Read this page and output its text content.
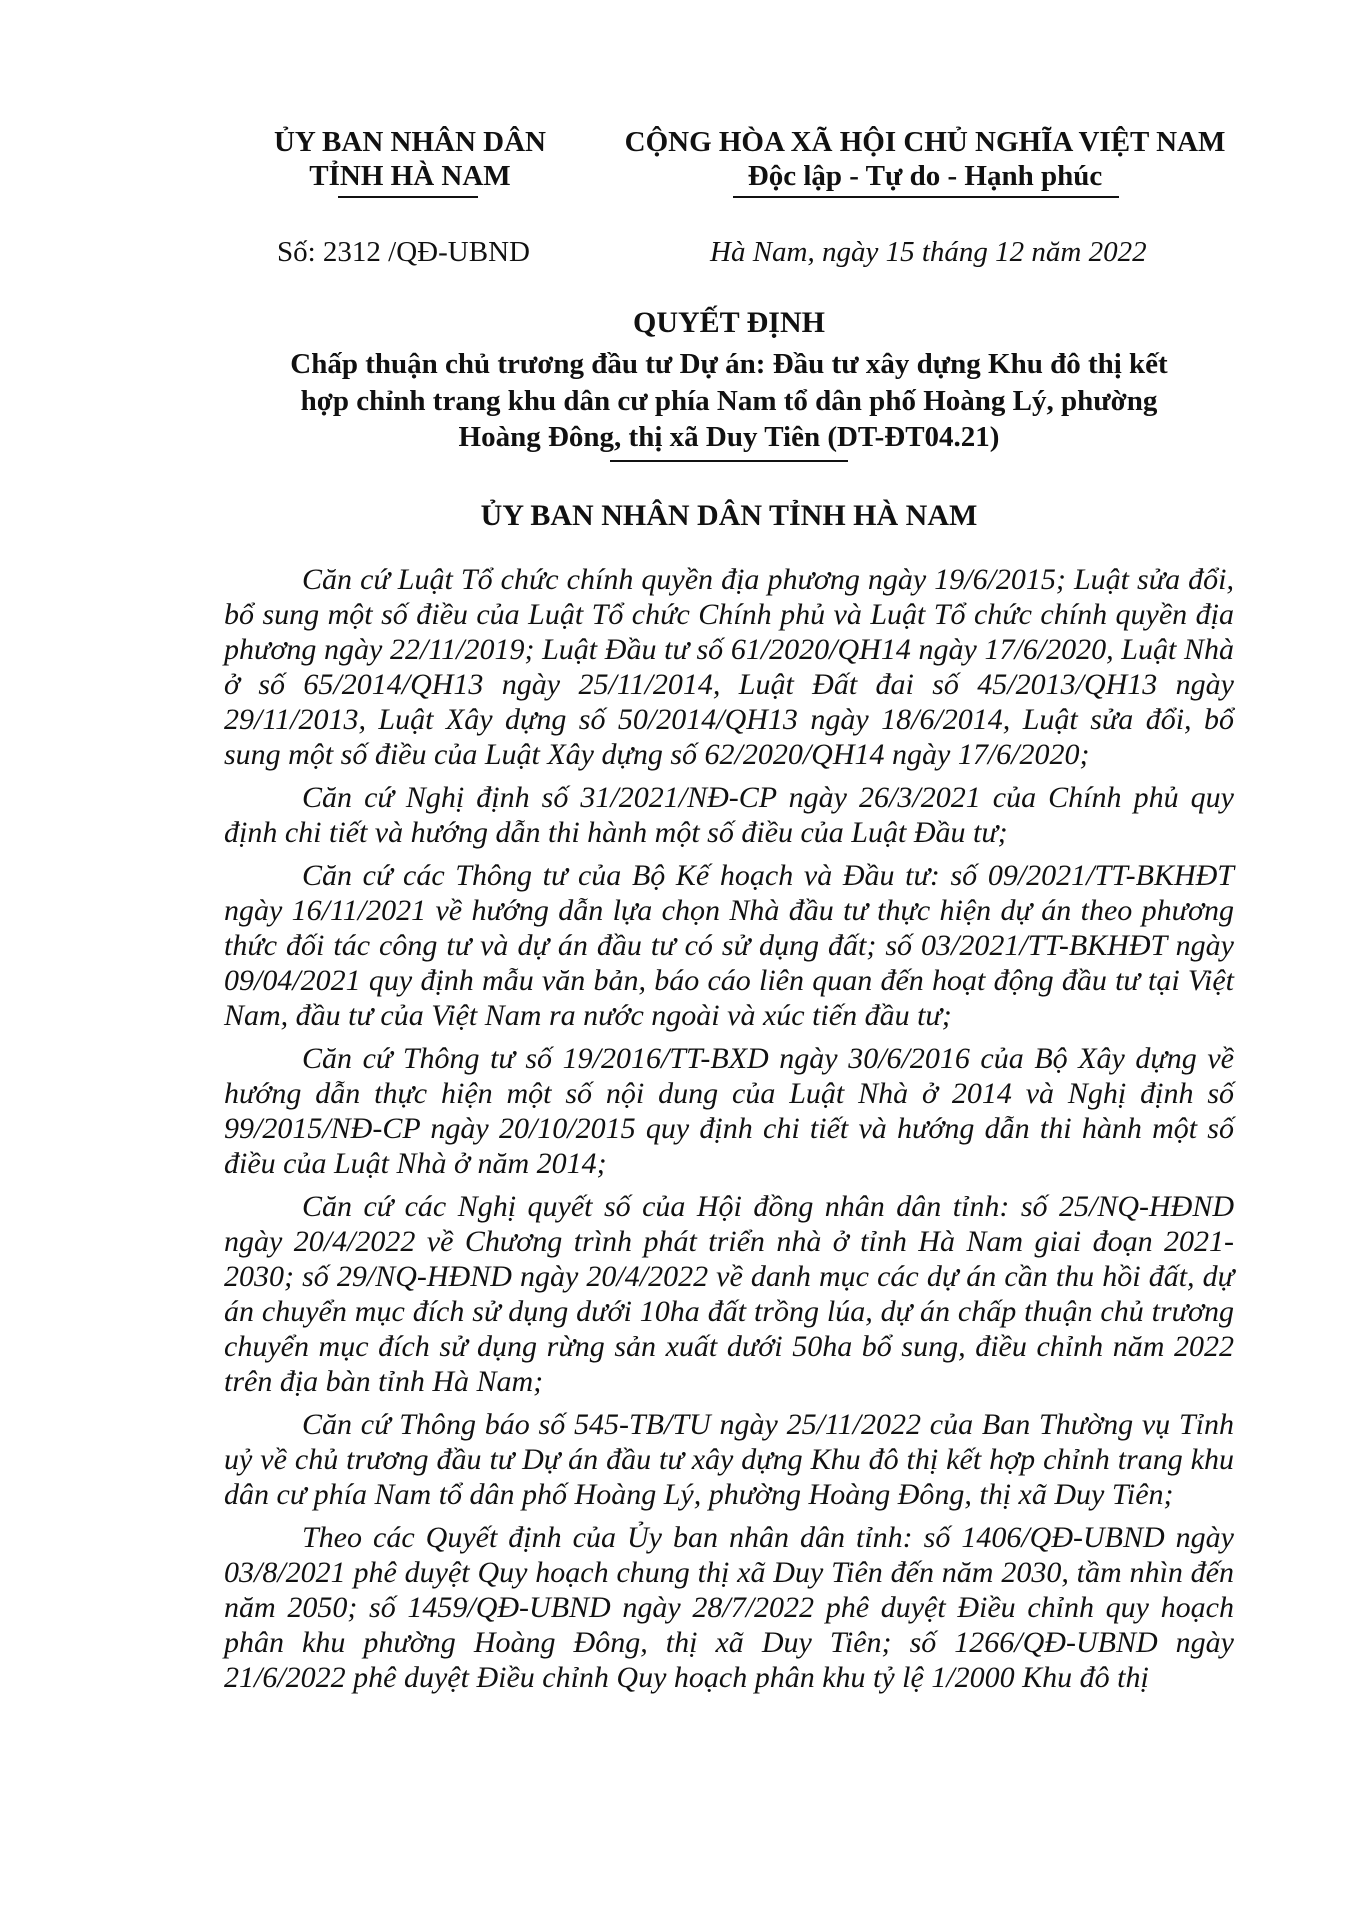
ỦY BAN NHÂN DÂN
TỈNH HÀ NAM
CỘNG HÒA XÃ HỘI CHỦ NGHĨA VIỆT NAM
Độc lập - Tự do - Hạnh phúc
Số: 2312 /QĐ-UBND	Hà Nam, ngày 15 tháng 12 năm 2022
QUYẾT ĐỊNH
Chấp thuận chủ trương đầu tư Dự án: Đầu tư xây dựng Khu đô thị kết
hợp chỉnh trang khu dân cư phía Nam tổ dân phố Hoàng Lý, phường
Hoàng Đông, thị xã Duy Tiên (DT-ĐT04.21)
ỦY BAN NHÂN DÂN TỈNH HÀ NAM

Căn cứ Luật Tổ chức chính quyền địa phương ngày 19/6/2015; Luật sửa đổi, bổ sung một số điều của Luật Tổ chức Chính phủ và Luật Tổ chức chính quyền địa phương ngày 22/11/2019; Luật Đầu tư số 61/2020/QH14 ngày 17/6/2020, Luật Nhà ở số 65/2014/QH13 ngày 25/11/2014, Luật Đất đai số 45/2013/QH13 ngày 29/11/2013, Luật Xây dựng số 50/2014/QH13 ngày 18/6/2014, Luật sửa đổi, bổ sung một số điều của Luật Xây dựng số 62/2020/QH14 ngày 17/6/2020;

Căn cứ Nghị định số 31/2021/NĐ-CP ngày 26/3/2021 của Chính phủ quy định chi tiết và hướng dẫn thi hành một số điều của Luật Đầu tư;

Căn cứ các Thông tư của Bộ Kế hoạch và Đầu tư: số 09/2021/TT-BKHĐT ngày 16/11/2021 về hướng dẫn lựa chọn Nhà đầu tư thực hiện dự án theo phương thức đối tác công tư và dự án đầu tư có sử dụng đất; số 03/2021/TT-BKHĐT ngày 09/04/2021 quy định mẫu văn bản, báo cáo liên quan đến hoạt động đầu tư tại Việt Nam, đầu tư của Việt Nam ra nước ngoài và xúc tiến đầu tư;

Căn cứ Thông tư số 19/2016/TT-BXD ngày 30/6/2016 của Bộ Xây dựng về hướng dẫn thực hiện một số nội dung của Luật Nhà ở 2014 và Nghị định số 99/2015/NĐ-CP ngày 20/10/2015 quy định chi tiết và hướng dẫn thi hành một số điều của Luật Nhà ở năm 2014;

Căn cứ các Nghị quyết số của Hội đồng nhân dân tỉnh: số 25/NQ-HĐND ngày 20/4/2022 về Chương trình phát triển nhà ở tỉnh Hà Nam giai đoạn 2021-2030; số 29/NQ-HĐND ngày 20/4/2022 về danh mục các dự án cần thu hồi đất, dự án chuyển mục đích sử dụng dưới 10ha đất trồng lúa, dự án chấp thuận chủ trương chuyển mục đích sử dụng rừng sản xuất dưới 50ha bổ sung, điều chỉnh năm 2022 trên địa bàn tỉnh Hà Nam;

Căn cứ Thông báo số 545-TB/TU ngày 25/11/2022 của Ban Thường vụ Tỉnh uỷ về chủ trương đầu tư Dự án đầu tư xây dựng Khu đô thị kết hợp chỉnh trang khu dân cư phía Nam tổ dân phố Hoàng Lý, phường Hoàng Đông, thị xã Duy Tiên;

Theo các Quyết định của Ủy ban nhân dân tỉnh: số 1406/QĐ-UBND ngày 03/8/2021 phê duyệt Quy hoạch chung thị xã Duy Tiên đến năm 2030, tầm nhìn đến năm 2050; số 1459/QĐ-UBND ngày 28/7/2022 phê duyệt Điều chỉnh quy hoạch phân khu phường Hoàng Đông, thị xã Duy Tiên; số 1266/QĐ-UBND ngày 21/6/2022 phê duyệt Điều chỉnh Quy hoạch phân khu tỷ lệ 1/2000 Khu đô thị
